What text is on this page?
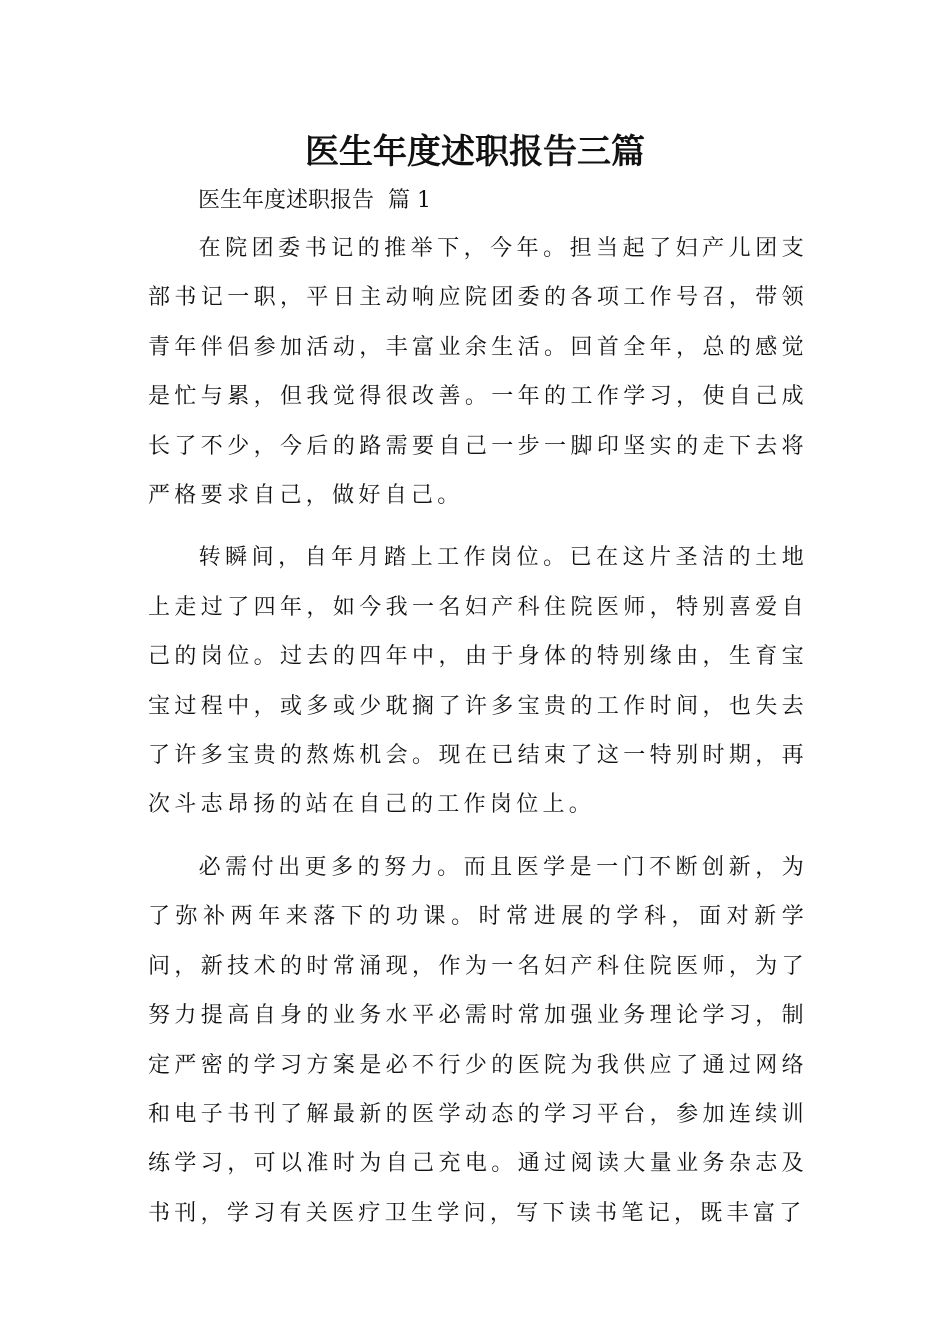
医生年度述职报告三篇

医生年度述职报告  篇 1

在院团委书记的推举下，今年。担当起了妇产儿团支部书记一职，平日主动响应院团委的各项工作号召，带领青年伴侣参加活动，丰富业余生活。回首全年，总的感觉是忙与累，但我觉得很改善。一年的工作学习，使自己成长了不少，今后的路需要自己一步一脚印坚实的走下去将严格要求自己，做好自己。

转瞬间，自年月踏上工作岗位。已在这片圣洁的土地上走过了四年，如今我一名妇产科住院医师，特别喜爱自己的岗位。过去的四年中，由于身体的特别缘由，生育宝宝过程中，或多或少耽搁了许多宝贵的工作时间，也失去了许多宝贵的熬炼机会。现在已结束了这一特别时期，再次斗志昂扬的站在自己的工作岗位上。

必需付出更多的努力。而且医学是一门不断创新，为了弥补两年来落下的功课。时常进展的学科，面对新学问，新技术的时常涌现，作为一名妇产科住院医师，为了努力提高自身的业务水平必需时常加强业务理论学习，制定严密的学习方案是必不行少的医院为我供应了通过网络和电子书刊了解最新的医学动态的学习平台，参加连续训练学习，可以准时为自己充电。通过阅读大量业务杂志及书刊，学习有关医疗卫生学问，写下读书笔记，既丰富了
